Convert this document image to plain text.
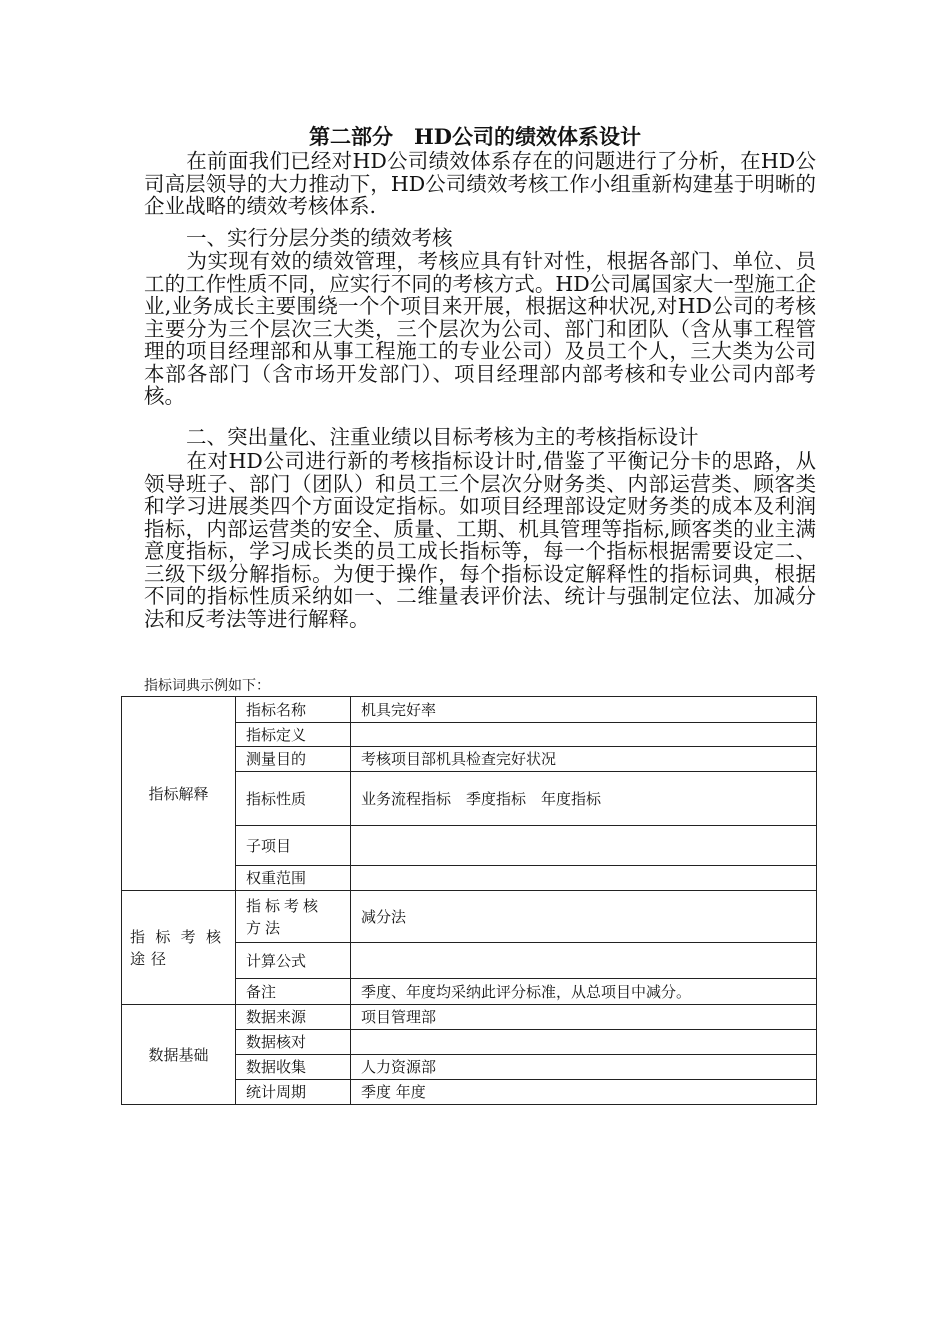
第二部分　HD公司的绩效体系设计
在前面我们已经对HD公司绩效体系存在的问题进行了分析，在HD公司高层领导的大力推动下，HD公司绩效考核工作小组重新构建基于明晰的企业战略的绩效考核体系.
一、实行分层分类的绩效考核
为实现有效的绩效管理，考核应具有针对性，根据各部门、单位、员工的工作性质不同，应实行不同的考核方式。HD公司属国家大一型施工企业,业务成长主要围绕一个个项目来开展，根据这种状况,对HD公司的考核主要分为三个层次三大类，三个层次为公司、部门和团队（含从事工程管理的项目经理部和从事工程施工的专业公司）及员工个人，三大类为公司本部各部门（含市场开发部门）、项目经理部内部考核和专业公司内部考核。
二、突出量化、注重业绩以目标考核为主的考核指标设计
在对HD公司进行新的考核指标设计时,借鉴了平衡记分卡的思路，从领导班子、部门（团队）和员工三个层次分财务类、内部运营类、顾客类和学习进展类四个方面设定指标。如项目经理部设定财务类的成本及利润指标，内部运营类的安全、质量、工期、机具管理等指标,顾客类的业主满意度指标，学习成长类的员工成长指标等，每一个指标根据需要设定二、三级下级分解指标。为便于操作，每个指标设定解释性的指标词典，根据不同的指标性质采纳如一、二维量表评价法、统计与强制定位法、加减分法和反考法等进行解释。
指标词典示例如下：
指标解释	指标名称	机具完好率
	指标定义	
	测量目的	考核项目部机具检查完好状况
	指标性质	业务流程指标　季度指标　年度指标
	子项目	
	权重范围	
指标考核途径	指标考核方法	减分法
	计算公式	
	备注	季度、年度均采纳此评分标准，从总项目中减分。
数据基础	数据来源	项目管理部
	数据核对	
	数据收集	人力资源部
	统计周期	季度 年度
